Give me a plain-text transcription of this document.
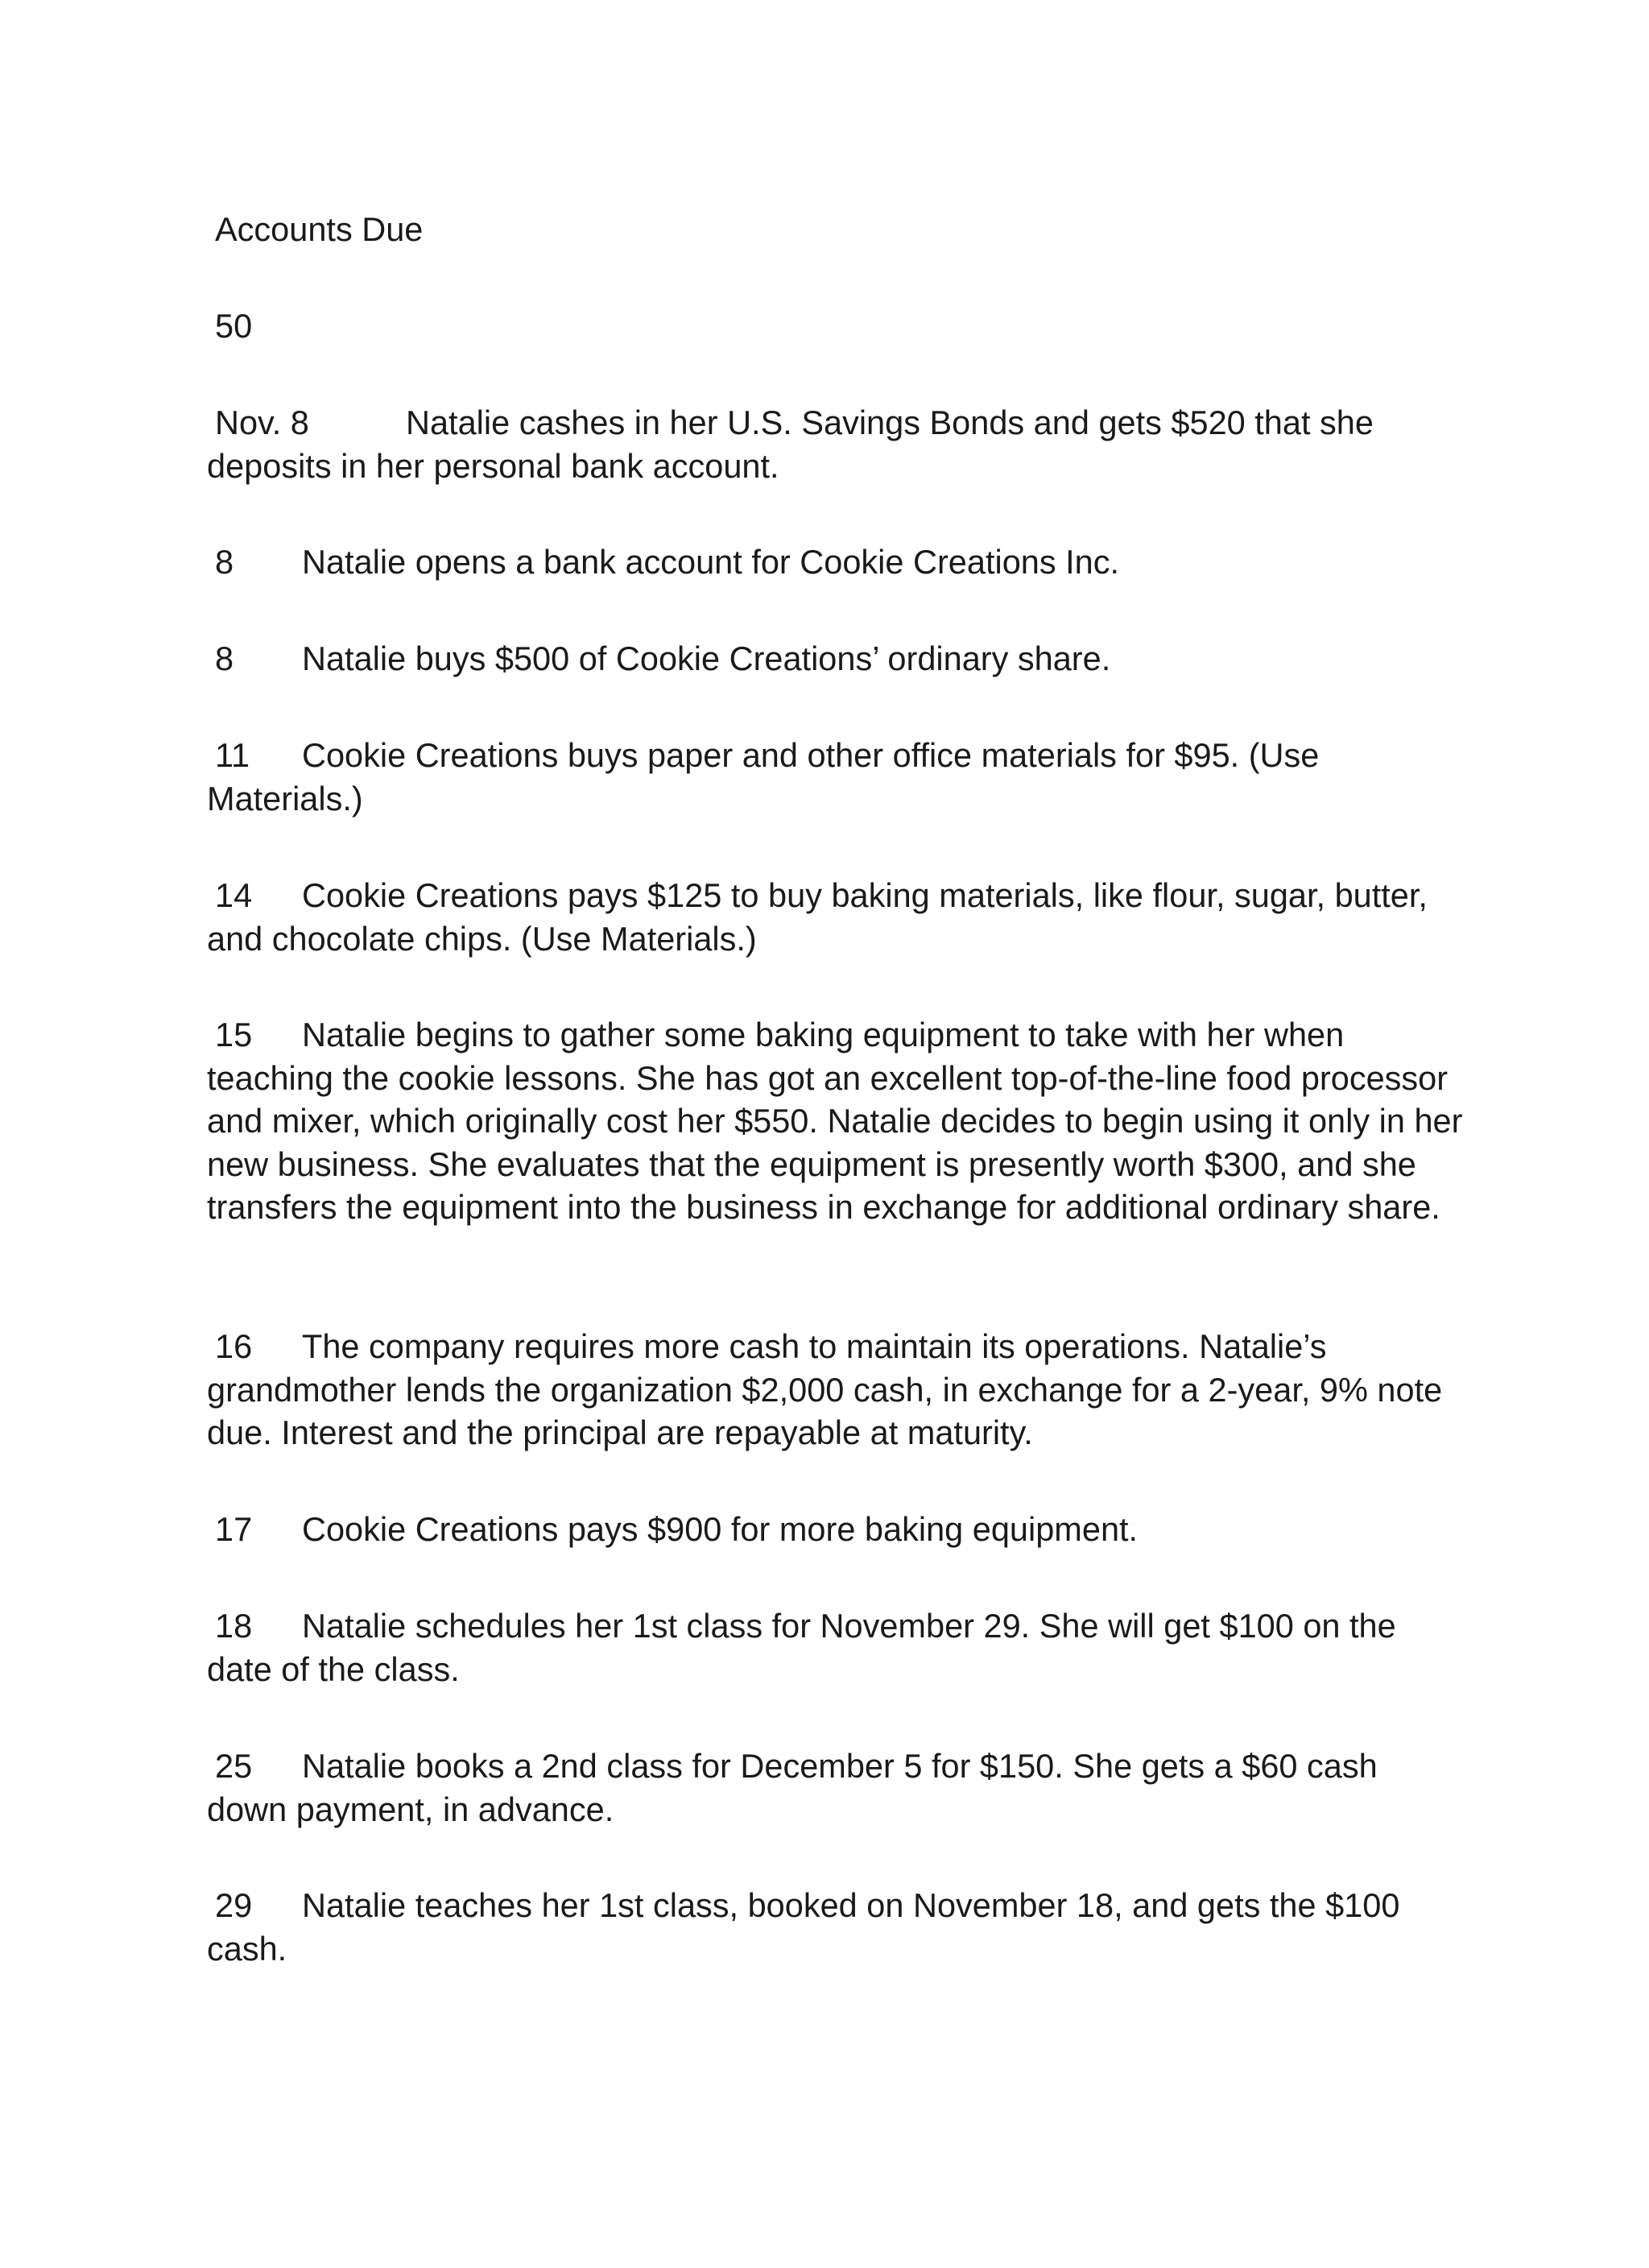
Accounts Due

50

Nov. 8	Natalie cashes in her U.S. Savings Bonds and gets $520 that she
deposits in her personal bank account.

8 Natalie opens a bank account for Cookie Creations Inc.

8 Natalie buys $500 of Cookie Creations’ ordinary share.

11 Cookie Creations buys paper and other office materials for $95. (Use
Materials.)

14 Cookie Creations pays $125 to buy baking materials, like flour, sugar, butter,
and chocolate chips. (Use Materials.)

15 Natalie begins to gather some baking equipment to take with her when
teaching the cookie lessons. She has got an excellent top-of-the-line food processor and mixer, which originally cost her $550. Natalie decides to begin using it only in her new business. She evaluates that the equipment is presently worth $300, and she transfers the equipment into the business in exchange for additional ordinary share.

16 The company requires more cash to maintain its operations. Natalie’s
grandmother lends the organization $2,000 cash, in exchange for a 2-year, 9% note due. Interest and the principal are repayable at maturity.

17 Cookie Creations pays $900 for more baking equipment.

18 Natalie schedules her 1st class for November 29. She will get $100 on the
date of the class.

25 Natalie books a 2nd class for December 5 for $150. She gets a $60 cash
down payment, in advance.

29 Natalie teaches her 1st class, booked on November 18, and gets the $100
cash.
